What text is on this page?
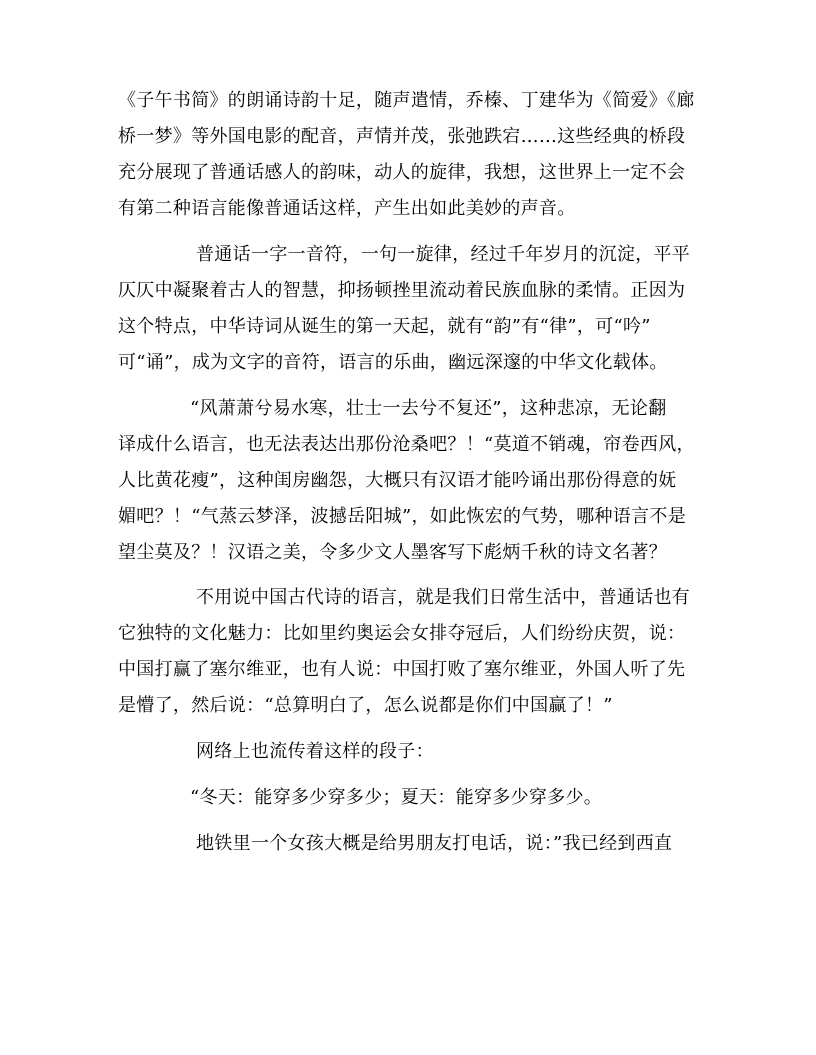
《子午书简》的朗诵诗韵十足，随声遣情，乔榛、丁建华为《简爱》《廊
桥一梦》等外国电影的配音，声情并茂，张弛跌宕……这些经典的桥段
充分展现了普通话感人的韵味，动人的旋律，我想，这世界上一定不会
有第二种语言能像普通话这样，产生出如此美妙的声音。
普通话一字一音符，一句一旋律，经过千年岁月的沉淀，平平
仄仄中凝聚着古人的智慧，抑扬顿挫里流动着民族血脉的柔情。正因为
这个特点，中华诗词从诞生的第一天起，就有“韵”有“律”，可“吟”
可“诵”，成为文字的音符，语言的乐曲，幽远深邃的中华文化载体。
“风萧萧兮易水寒，壮士一去兮不复还”，这种悲凉，无论翻
译成什么语言，也无法表达出那份沧桑吧？！“莫道不销魂，帘卷西风，
人比黄花瘦”，这种闺房幽怨，大概只有汉语才能吟诵出那份得意的妩
媚吧？！“气蒸云梦泽，波撼岳阳城”，如此恢宏的气势，哪种语言不是
望尘莫及？！汉语之美，令多少文人墨客写下彪炳千秋的诗文名著？
不用说中国古代诗的语言，就是我们日常生活中，普通话也有
它独特的文化魅力：比如里约奥运会女排夺冠后，人们纷纷庆贺，说：
中国打赢了塞尔维亚，也有人说：中国打败了塞尔维亚，外国人听了先
是懵了，然后说：“总算明白了，怎么说都是你们中国赢了！”
网络上也流传着这样的段子：
“冬天：能穿多少穿多少；夏天：能穿多少穿多少。
地铁里一个女孩大概是给男朋友打电话，说：”我已经到西直
